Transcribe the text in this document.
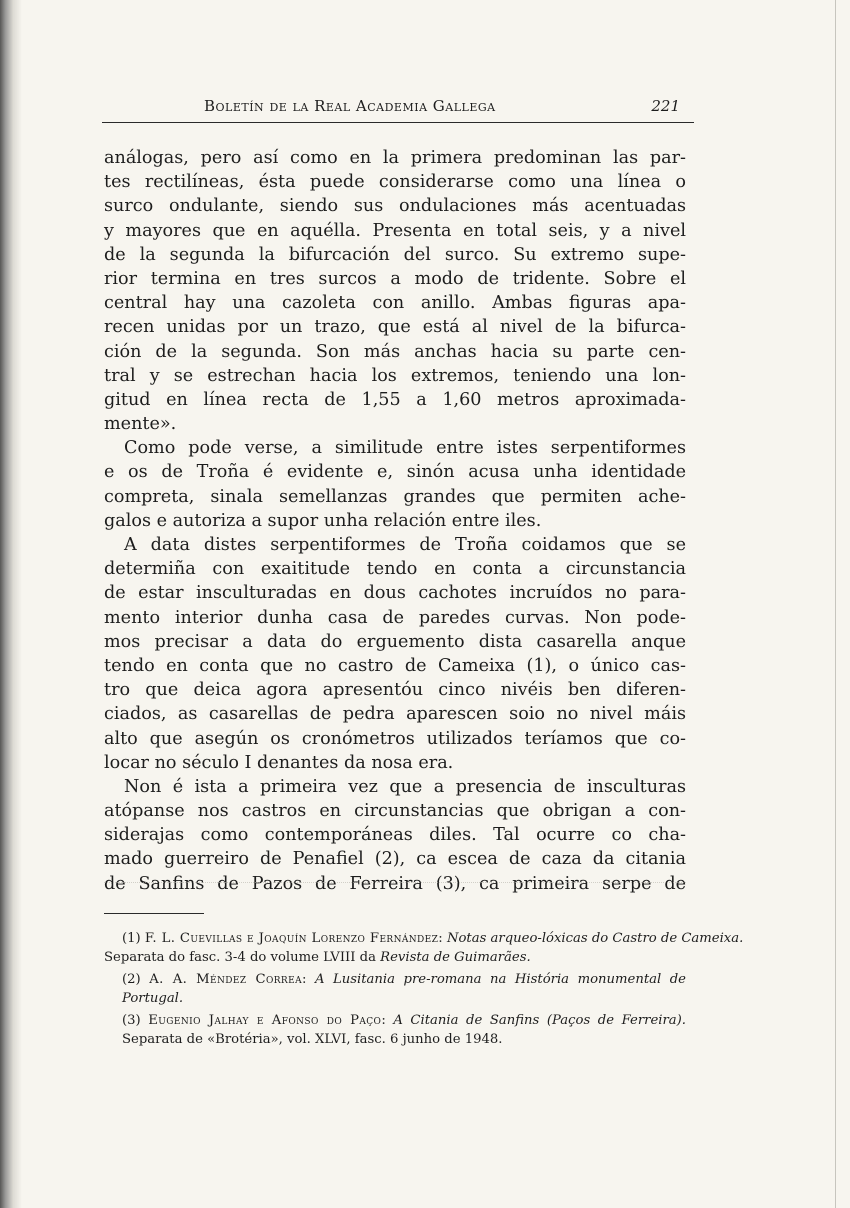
Boletín de la Real Academia Gallega	221
análogas, pero así como en la primera predominan las par-
tes rectilíneas, ésta puede considerarse como una línea o
surco ondulante, siendo sus ondulaciones más acentuadas
y mayores que en aquélla. Presenta en total seis, y a nivel
de la segunda la bifurcación del surco. Su extremo supe-
rior termina en tres surcos a modo de tridente. Sobre el
central hay una cazoleta con anillo. Ambas figuras apa-
recen unidas por un trazo, que está al nivel de la bifurca-
ción de la segunda. Son más anchas hacia su parte cen-
tral y se estrechan hacia los extremos, teniendo una lon-
gitud en línea recta de 1,55 a 1,60 metros aproximada-
mente».
Como pode verse, a similitude entre istes serpentiformes
e os de Troña é evidente e, sinón acusa unha identidade
compreta, sinala semellanzas grandes que permiten ache-
galos e autoriza a supor unha relación entre iles.
A data distes serpentiformes de Troña coidamos que se
determiña con exaititude tendo en conta a circunstancia
de estar insculturadas en dous cachotes incruídos no para-
mento interior dunha casa de paredes curvas. Non pode-
mos precisar a data do erguemento dista casarella anque
tendo en conta que no castro de Cameixa (1), o único cas-
tro que deica agora apresentóu cinco nivéis ben diferen-
ciados, as casarellas de pedra aparescen soio no nivel máis
alto que asegún os cronómetros utilizados teríamos que co-
locar no século I denantes da nosa era.
Non é ista a primeira vez que a presencia de insculturas
atópanse nos castros en circunstancias que obrigan a con-
siderajas como contemporáneas diles. Tal ocurre co cha-
mado guerreiro de Penafiel (2), ca escea de caza da citania
de Sanfins de Pazos de Ferreira (3), ca primeira serpe de
(1) F. L. Cuevillas e Joaquín Lorenzo Fernández: Notas arqueo-lóxicas do Castro de Cameixa.
Separata do fasc. 3-4 do volume LVIII da Revista de Guimarães.
(2) A. A. Méndez Correa: A Lusitania pre-romana na História monumental de Portugal.
(3) Eugenio Jalhay e Afonso do Paço: A Citania de Sanfins (Paços de Ferreira). Separata de «Brotéria», vol. XLVI, fasc. 6 junho de 1948.
